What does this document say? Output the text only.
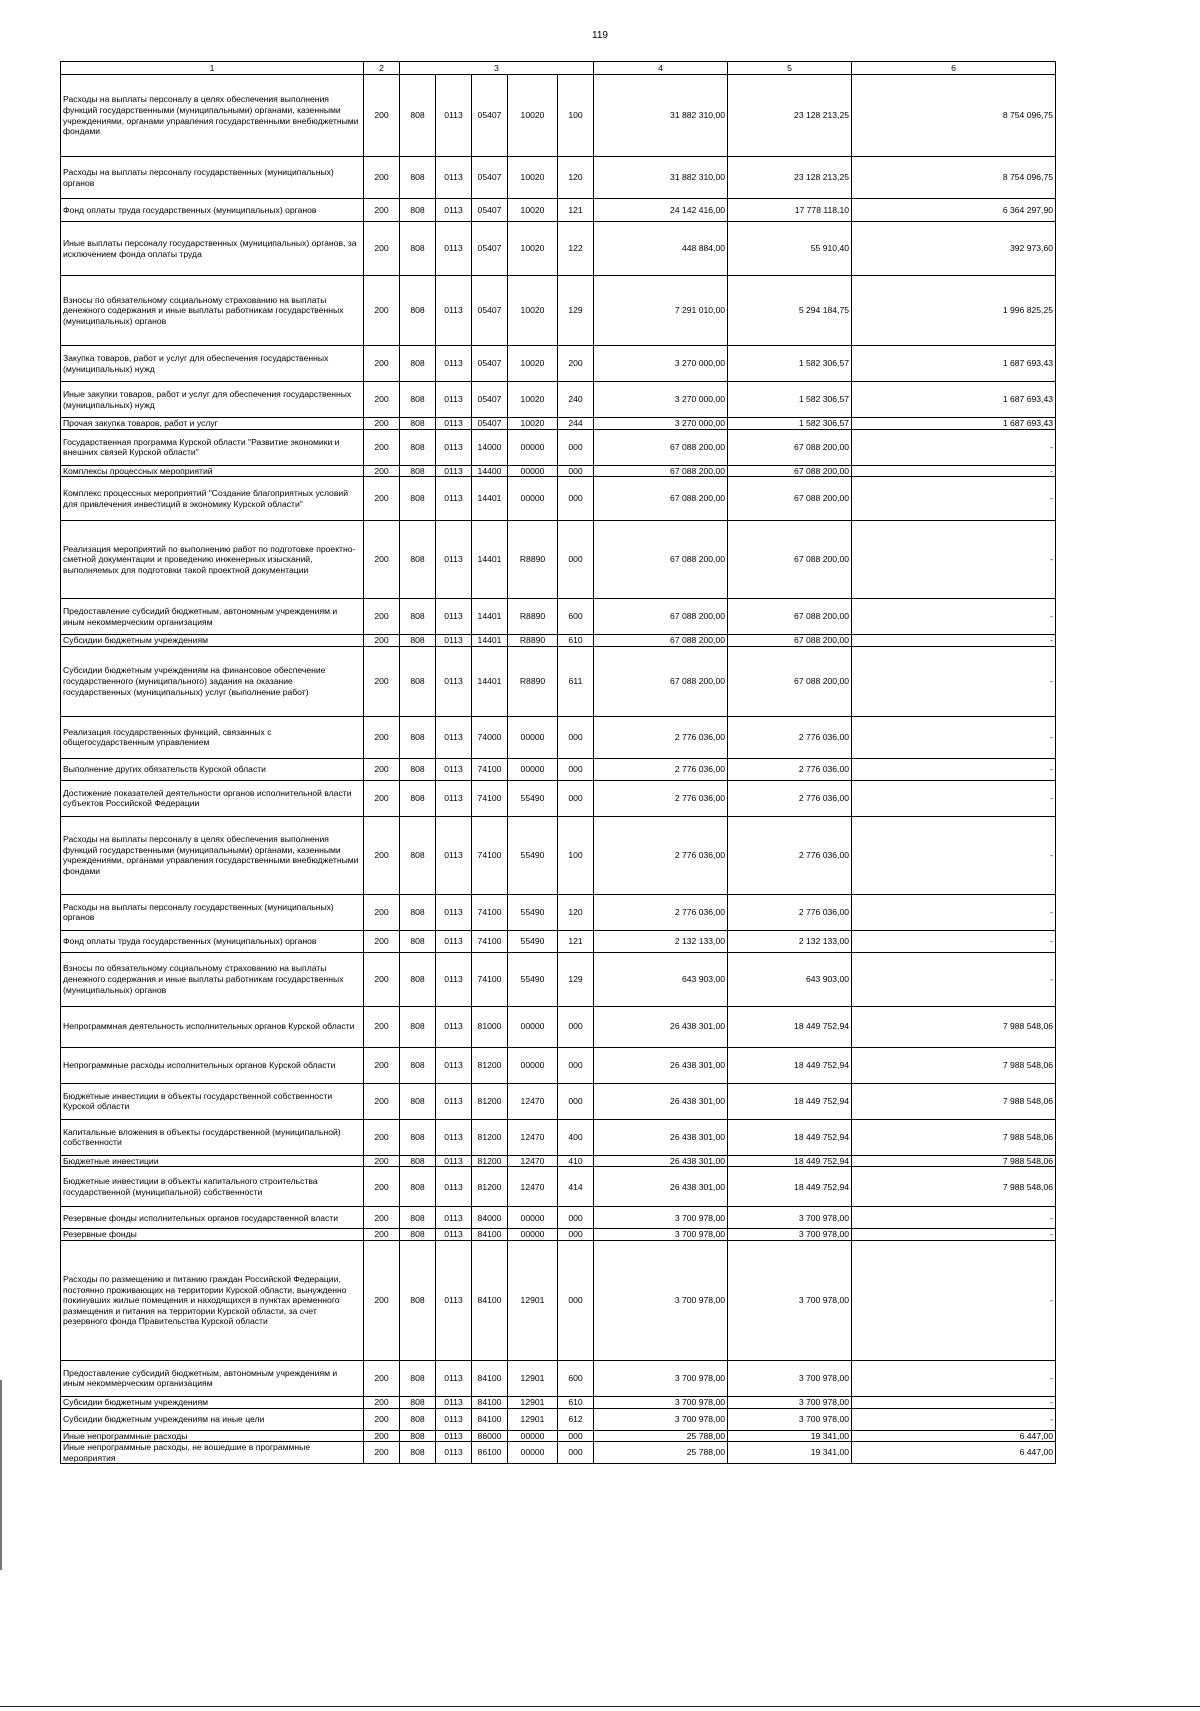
119
1	2	3					4	5	6
Расходы на выплаты персоналу в целях обеспечения выполнения функций государственными (муниципальными) органами, казенными учреждениями, органами управления государственными внебюджетными фондами	200	808	0113	05407	10020	100	31 882 310,00	23 128 213,25	8 754 096,75
Расходы на выплаты персоналу государственных (муниципальных) органов	200	808	0113	05407	10020	120	31 882 310,00	23 128 213,25	8 754 096,75
Фонд оплаты труда государственных (муниципальных) органов	200	808	0113	05407	10020	121	24 142 416,00	17 778 118,10	6 364 297,90
Иные выплаты персоналу государственных (муниципальных) органов, за исключением фонда оплаты труда	200	808	0113	05407	10020	122	448 884,00	55 910,40	392 973,60
Взносы по обязательному социальному страхованию на выплаты денежного содержания и иные выплаты работникам государственных (муниципальных) органов	200	808	0113	05407	10020	129	7 291 010,00	5 294 184,75	1 996 825,25
Закупка товаров, работ и услуг для обеспечения государственных (муниципальных) нужд	200	808	0113	05407	10020	200	3 270 000,00	1 582 306,57	1 687 693,43
Иные закупки товаров, работ и услуг для обеспечения государственных (муниципальных) нужд	200	808	0113	05407	10020	240	3 270 000,00	1 582 306,57	1 687 693,43
Прочая закупка товаров, работ и услуг	200	808	0113	05407	10020	244	3 270 000,00	1 582 306,57	1 687 693,43
Государственная программа Курской области "Развитие экономики и внешних связей Курской области"	200	808	0113	14000	00000	000	67 088 200,00	67 088 200,00	-
Комплексы процессных мероприятий	200	808	0113	14400	00000	000	67 088 200,00	67 088 200,00	-
Комплекс процессных мероприятий "Создание благоприятных условий для привлечения инвестиций в экономику Курской области"	200	808	0113	14401	00000	000	67 088 200,00	67 088 200,00	-
Реализация мероприятий по выполнению работ по подготовке проектно-сметной документации и проведению инженерных изысканий, выполняемых для подготовки такой проектной документации	200	808	0113	14401	R8890	000	67 088 200,00	67 088 200,00	-
Предоставление субсидий бюджетным, автономным учреждениям и иным некоммерческим организациям	200	808	0113	14401	R8890	600	67 088 200,00	67 088 200,00	-
Субсидии бюджетным учреждениям	200	808	0113	14401	R8890	610	67 088 200,00	67 088 200,00	-
Субсидии бюджетным учреждениям на финансовое обеспечение государственного (муниципального) задания на оказание государственных (муниципальных) услуг (выполнение работ)	200	808	0113	14401	R8890	611	67 088 200,00	67 088 200,00	-
Реализация государственных функций, связанных с общегосударственным управлением	200	808	0113	74000	00000	000	2 776 036,00	2 776 036,00	-
Выполнение других обязательств Курской области	200	808	0113	74100	00000	000	2 776 036,00	2 776 036,00	-
Достижение показателей деятельности органов исполнительной власти субъектов Российской Федерации	200	808	0113	74100	55490	000	2 776 036,00	2 776 036,00	-
Расходы на выплаты персоналу в целях обеспечения выполнения функций государственными (муниципальными) органами, казенными учреждениями, органами управления государственными внебюджетными фондами	200	808	0113	74100	55490	100	2 776 036,00	2 776 036,00	-
Расходы на выплаты персоналу государственных (муниципальных) органов	200	808	0113	74100	55490	120	2 776 036,00	2 776 036,00	-
Фонд оплаты труда государственных (муниципальных) органов	200	808	0113	74100	55490	121	2 132 133,00	2 132 133,00	-
Взносы по обязательному социальному страхованию на выплаты денежного содержания и иные выплаты работникам государственных (муниципальных) органов	200	808	0113	74100	55490	129	643 903,00	643 903,00	-
Непрограммная деятельность исполнительных органов Курской области	200	808	0113	81000	00000	000	26 438 301,00	18 449 752,94	7 988 548,06
Непрограммные расходы исполнительных органов Курской области	200	808	0113	81200	00000	000	26 438 301,00	18 449 752,94	7 988 548,06
Бюджетные инвестиции в объекты государственной собственности Курской области	200	808	0113	81200	12470	000	26 438 301,00	18 449 752,94	7 988 548,06
Капитальные вложения в объекты государственной (муниципальной) собственности	200	808	0113	81200	12470	400	26 438 301,00	18 449 752,94	7 988 548,06
Бюджетные инвестиции	200	808	0113	81200	12470	410	26 438 301,00	18 449 752,94	7 988 548,06
Бюджетные инвестиции в объекты капитального строительства государственной (муниципальной) собственности	200	808	0113	81200	12470	414	26 438 301,00	18 449 752,94	7 988 548,06
Резервные фонды исполнительных органов государственной власти	200	808	0113	84000	00000	000	3 700 978,00	3 700 978,00	-
Резервные фонды	200	808	0113	84100	00000	000	3 700 978,00	3 700 978,00	-
Расходы по размещению и питанию граждан Российской Федерации, постоянно проживающих на территории Курской области, вынужденно покинувших жилые помещения и находящихся в пунктах временного размещения и питания на территории Курской области, за счет резервного фонда Правительства Курской области	200	808	0113	84100	12901	000	3 700 978,00	3 700 978,00	-
Предоставление субсидий бюджетным, автономным учреждениям и иным некоммерческим организациям	200	808	0113	84100	12901	600	3 700 978,00	3 700 978,00	-
Субсидии бюджетным учреждениям	200	808	0113	84100	12901	610	3 700 978,00	3 700 978,00	-
Субсидии бюджетным учреждениям на иные цели	200	808	0113	84100	12901	612	3 700 978,00	3 700 978,00	-
Иные непрограммные расходы	200	808	0113	86000	00000	000	25 788,00	19 341,00	6 447,00
Иные непрограммные расходы, не вошедшие в программные мероприятия	200	808	0113	86100	00000	000	25 788,00	19 341,00	6 447,00
